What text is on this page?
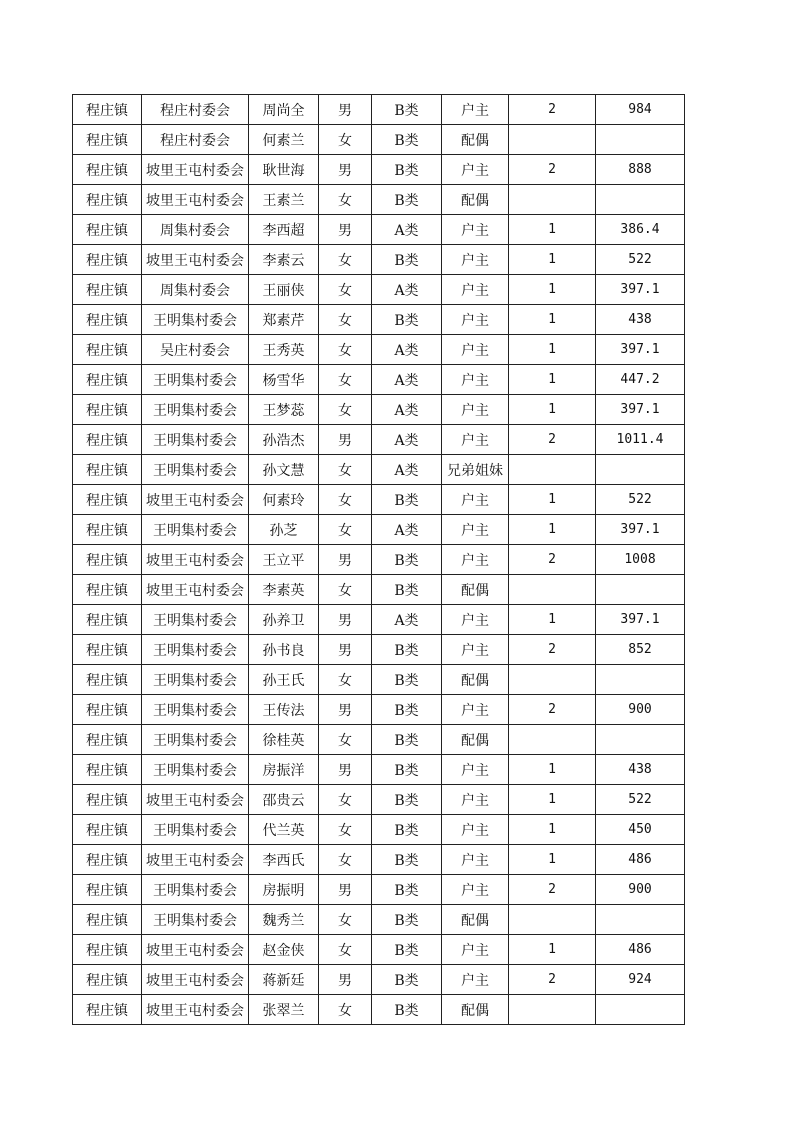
程庄镇	程庄村委会	周尚全	男	B类	户主	2	984
程庄镇	程庄村委会	何素兰	女	B类	配偶		
程庄镇	坡里王屯村委会	耿世海	男	B类	户主	2	888
程庄镇	坡里王屯村委会	王素兰	女	B类	配偶		
程庄镇	周集村委会	李西超	男	A类	户主	1	386.4
程庄镇	坡里王屯村委会	李素云	女	B类	户主	1	522
程庄镇	周集村委会	王丽侠	女	A类	户主	1	397.1
程庄镇	王明集村委会	郑素芹	女	B类	户主	1	438
程庄镇	吴庄村委会	王秀英	女	A类	户主	1	397.1
程庄镇	王明集村委会	杨雪华	女	A类	户主	1	447.2
程庄镇	王明集村委会	王梦蕊	女	A类	户主	1	397.1
程庄镇	王明集村委会	孙浩杰	男	A类	户主	2	1011.4
程庄镇	王明集村委会	孙文慧	女	A类	兄弟姐妹		
程庄镇	坡里王屯村委会	何素玲	女	B类	户主	1	522
程庄镇	王明集村委会	孙芝	女	A类	户主	1	397.1
程庄镇	坡里王屯村委会	王立平	男	B类	户主	2	1008
程庄镇	坡里王屯村委会	李素英	女	B类	配偶		
程庄镇	王明集村委会	孙养卫	男	A类	户主	1	397.1
程庄镇	王明集村委会	孙书良	男	B类	户主	2	852
程庄镇	王明集村委会	孙王氏	女	B类	配偶		
程庄镇	王明集村委会	王传法	男	B类	户主	2	900
程庄镇	王明集村委会	徐桂英	女	B类	配偶		
程庄镇	王明集村委会	房振洋	男	B类	户主	1	438
程庄镇	坡里王屯村委会	邵贵云	女	B类	户主	1	522
程庄镇	王明集村委会	代兰英	女	B类	户主	1	450
程庄镇	坡里王屯村委会	李西氏	女	B类	户主	1	486
程庄镇	王明集村委会	房振明	男	B类	户主	2	900
程庄镇	王明集村委会	魏秀兰	女	B类	配偶		
程庄镇	坡里王屯村委会	赵金侠	女	B类	户主	1	486
程庄镇	坡里王屯村委会	蒋新廷	男	B类	户主	2	924
程庄镇	坡里王屯村委会	张翠兰	女	B类	配偶		
